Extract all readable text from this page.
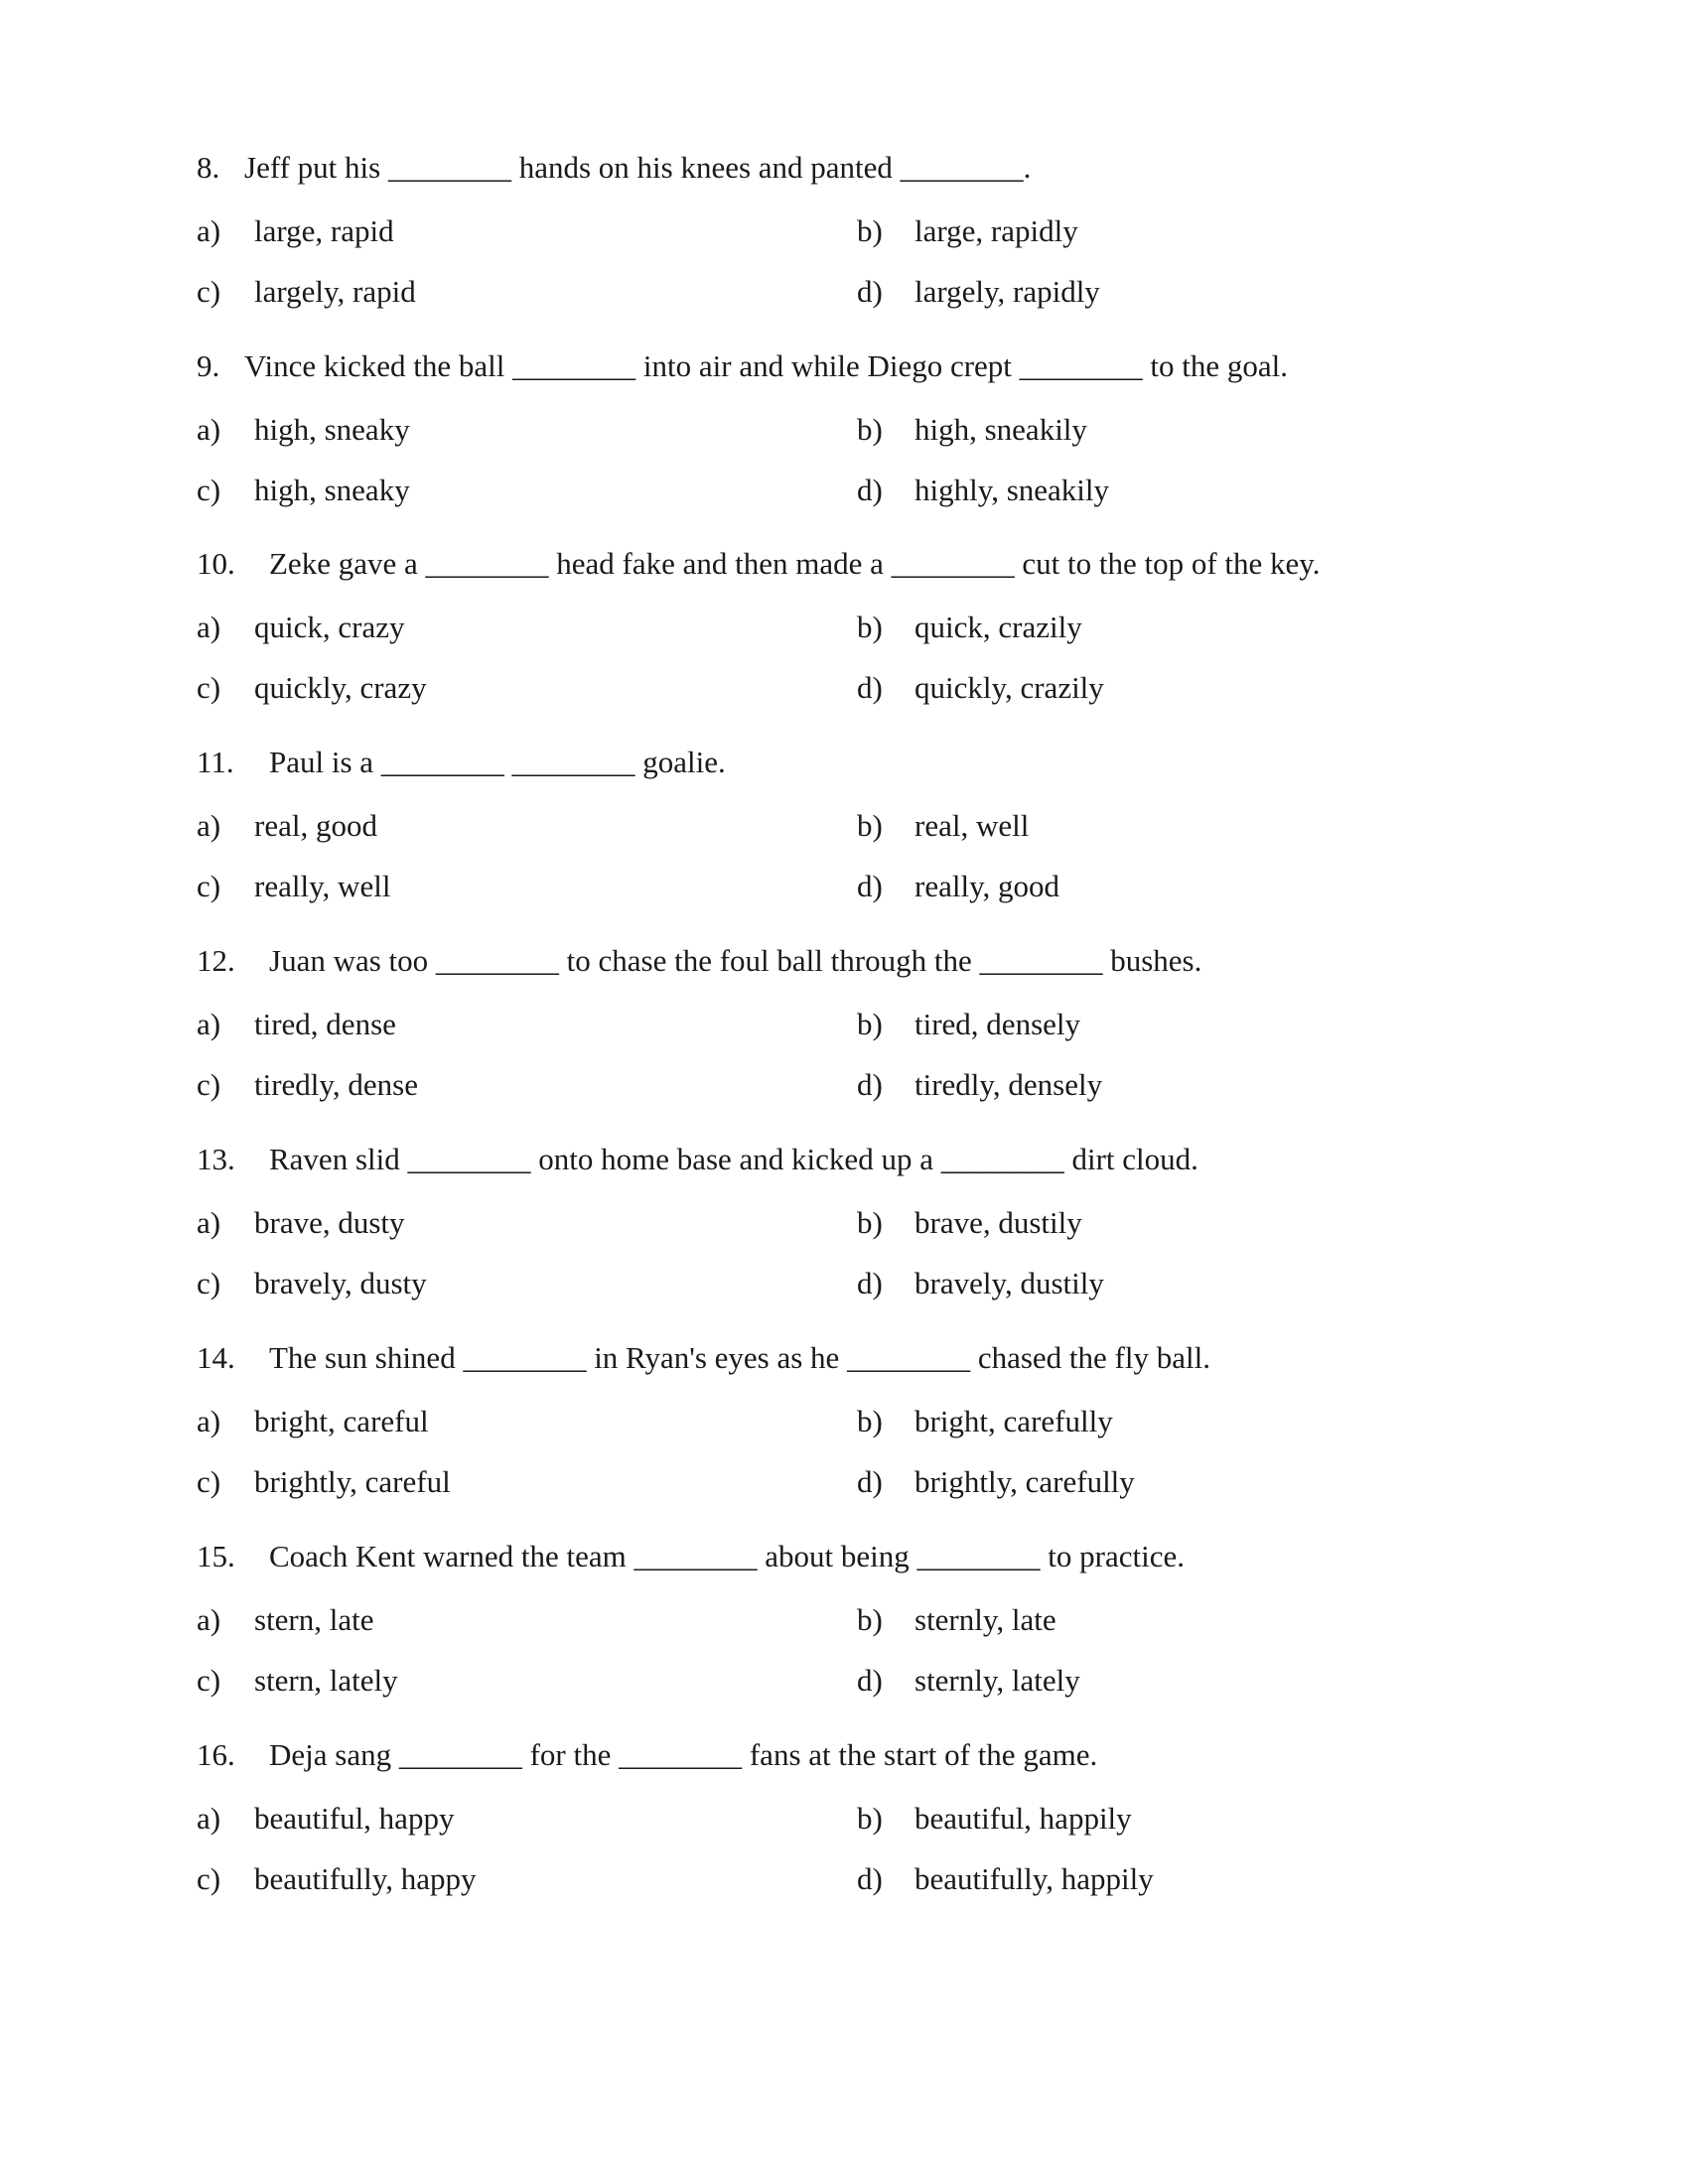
8. Jeff put his ________ hands on his knees and panted ________.
a) large, rapid	b) large, rapidly
c) largely, rapid	d) largely, rapidly
9. Vince kicked the ball ________ into air and while Diego crept ________ to the goal.
a) high, sneaky	b) high, sneakily
c) high, sneaky	d) highly, sneakily
10. Zeke gave a ________ head fake and then made a ________ cut to the top of the key.
a) quick, crazy	b) quick, crazily
c) quickly, crazy	d) quickly, crazily
11. Paul is a ________ ________ goalie.
a) real, good	b) real, well
c) really, well	d) really, good
12. Juan was too ________ to chase the foul ball through the ________ bushes.
a) tired, dense	b) tired, densely
c) tiredly, dense	d) tiredly, densely
13. Raven slid ________ onto home base and kicked up a ________ dirt cloud.
a) brave, dusty	b) brave, dustily
c) bravely, dusty	d) bravely, dustily
14. The sun shined ________ in Ryan's eyes as he ________ chased the fly ball.
a) bright, careful	b) bright, carefully
c) brightly, careful	d) brightly, carefully
15. Coach Kent warned the team ________ about being ________ to practice.
a) stern, late	b) sternly, late
c) stern, lately	d) sternly, lately
16. Deja sang ________ for the ________ fans at the start of the game.
a) beautiful, happy	b) beautiful, happily
c) beautifully, happy	d) beautifully, happily
